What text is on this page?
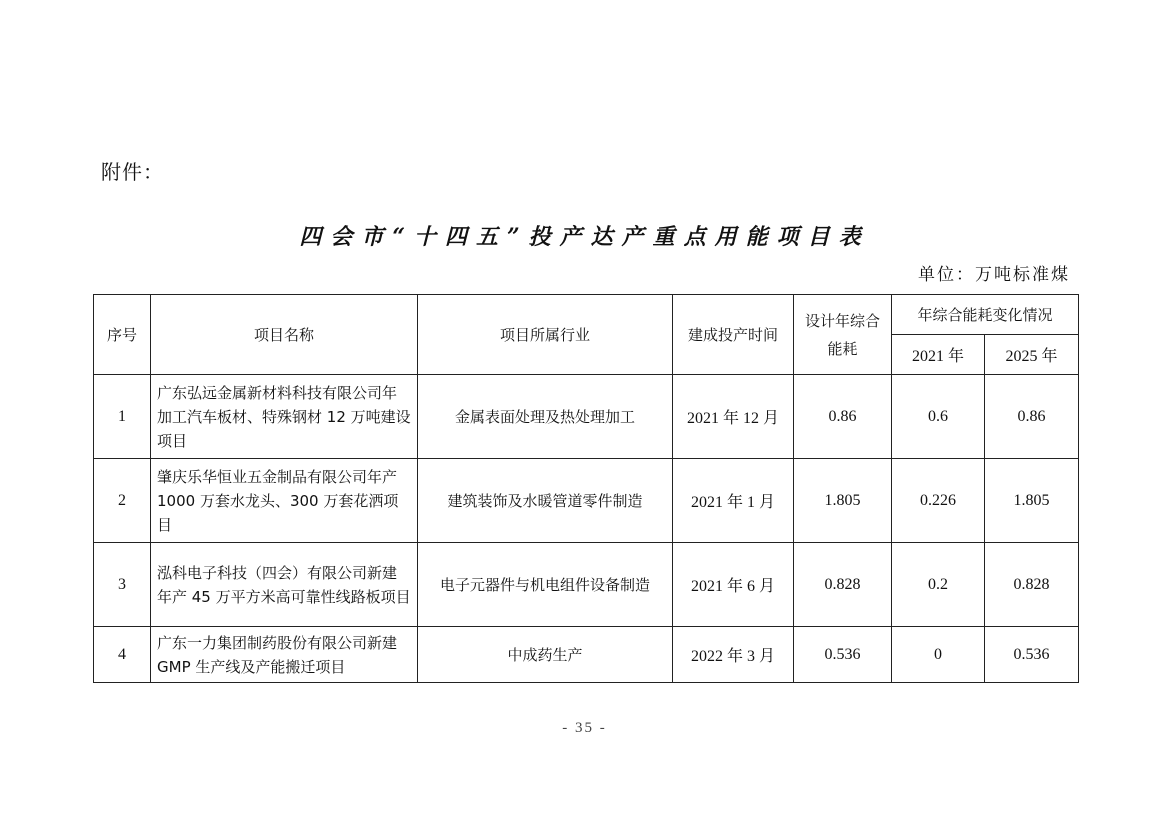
附件：
四会市“十四五”投产达产重点用能项目表
单位：万吨标准煤
序号	项目名称	项目所属行业	建成投产时间	设计年综合能耗	年综合能耗变化情况	
					2021 年	2025 年
1	广东弘远金属新材料科技有限公司年加工汽车板材、特殊钢材 12 万吨建设项目	金属表面处理及热处理加工	2021 年 12 月	0.86	0.6	0.86
2	肇庆乐华恒业五金制品有限公司年产 1000 万套水龙头、300 万套花洒项目	建筑装饰及水暖管道零件制造	2021 年 1 月	1.805	0.226	1.805
3	泓科电子科技（四会）有限公司新建年产 45 万平方米高可靠性线路板项目	电子元器件与机电组件设备制造	2021 年 6 月	0.828	0.2	0.828
4	广东一力集团制药股份有限公司新建 GMP 生产线及产能搬迁项目	中成药生产	2022 年 3 月	0.536	0	0.536
- 35 -
